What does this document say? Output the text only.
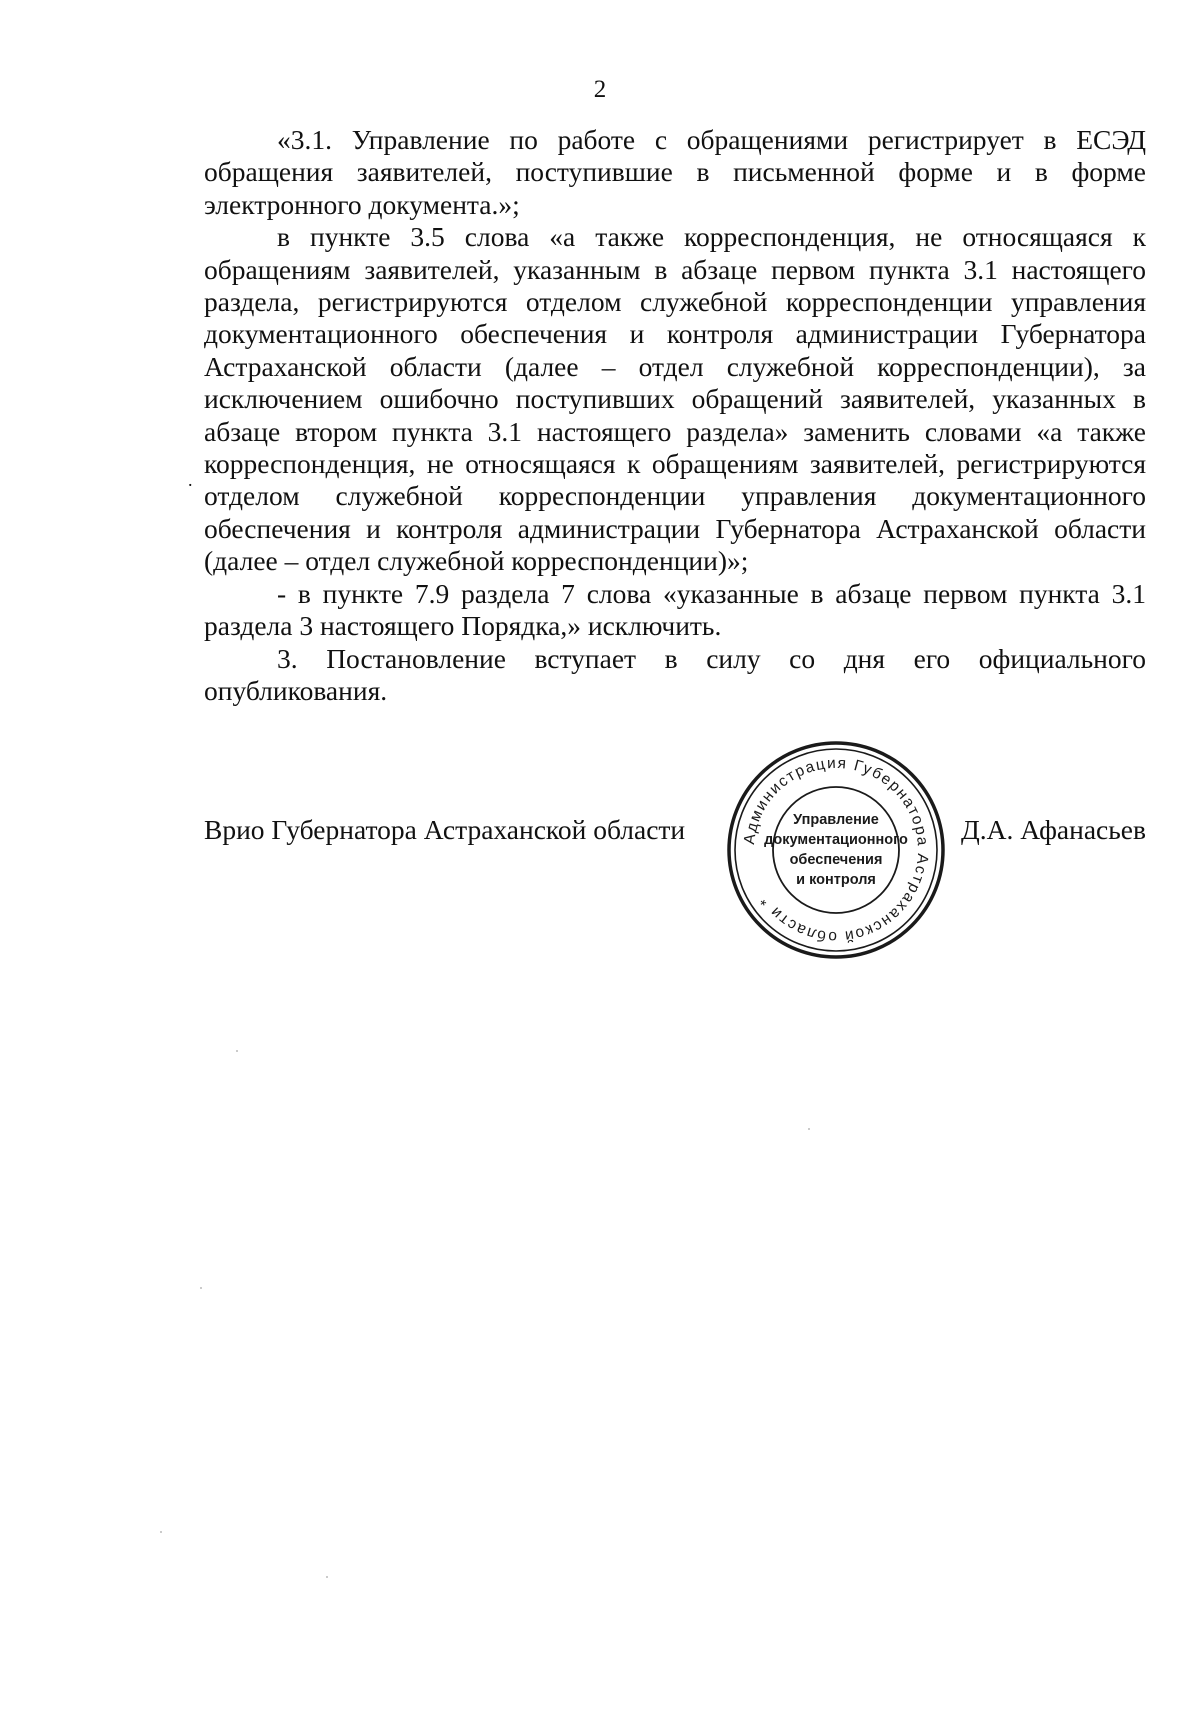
2

«3.1. Управление по работе с обращениями регистрирует в ЕСЭД обращения заявителей, поступившие в письменной форме и в форме электронного документа.»;

в пункте 3.5 слова «а также корреспонденция, не относящаяся к обращениям заявителей, указанным в абзаце первом пункта 3.1 настоящего раздела, регистрируются отделом служебной корреспонденции управления документационного обеспечения и контроля администрации Губернатора Астраханской области (далее – отдел служебной корреспонденции), за исключением ошибочно поступивших обращений заявителей, указанных в абзаце втором пункта 3.1 настоящего раздела» заменить словами «а также корреспонденция, не относящаяся к обращениям заявителей, регистрируются отделом служебной корреспонденции управления документационного обеспечения и контроля администрации Губернатора Астраханской области (далее – отдел служебной корреспонденции)»;

- в пункте 7.9 раздела 7 слова «указанные в абзаце первом пункта 3.1 раздела 3 настоящего Порядка,» исключить.

3. Постановление вступает в силу со дня его официального опубликования.

.
Врио Губернатора Астраханской области	Д.А. Афанасьев
Администрация Губернатора Астраханской области *
Управление
документационного
обеспечения
и контроля
